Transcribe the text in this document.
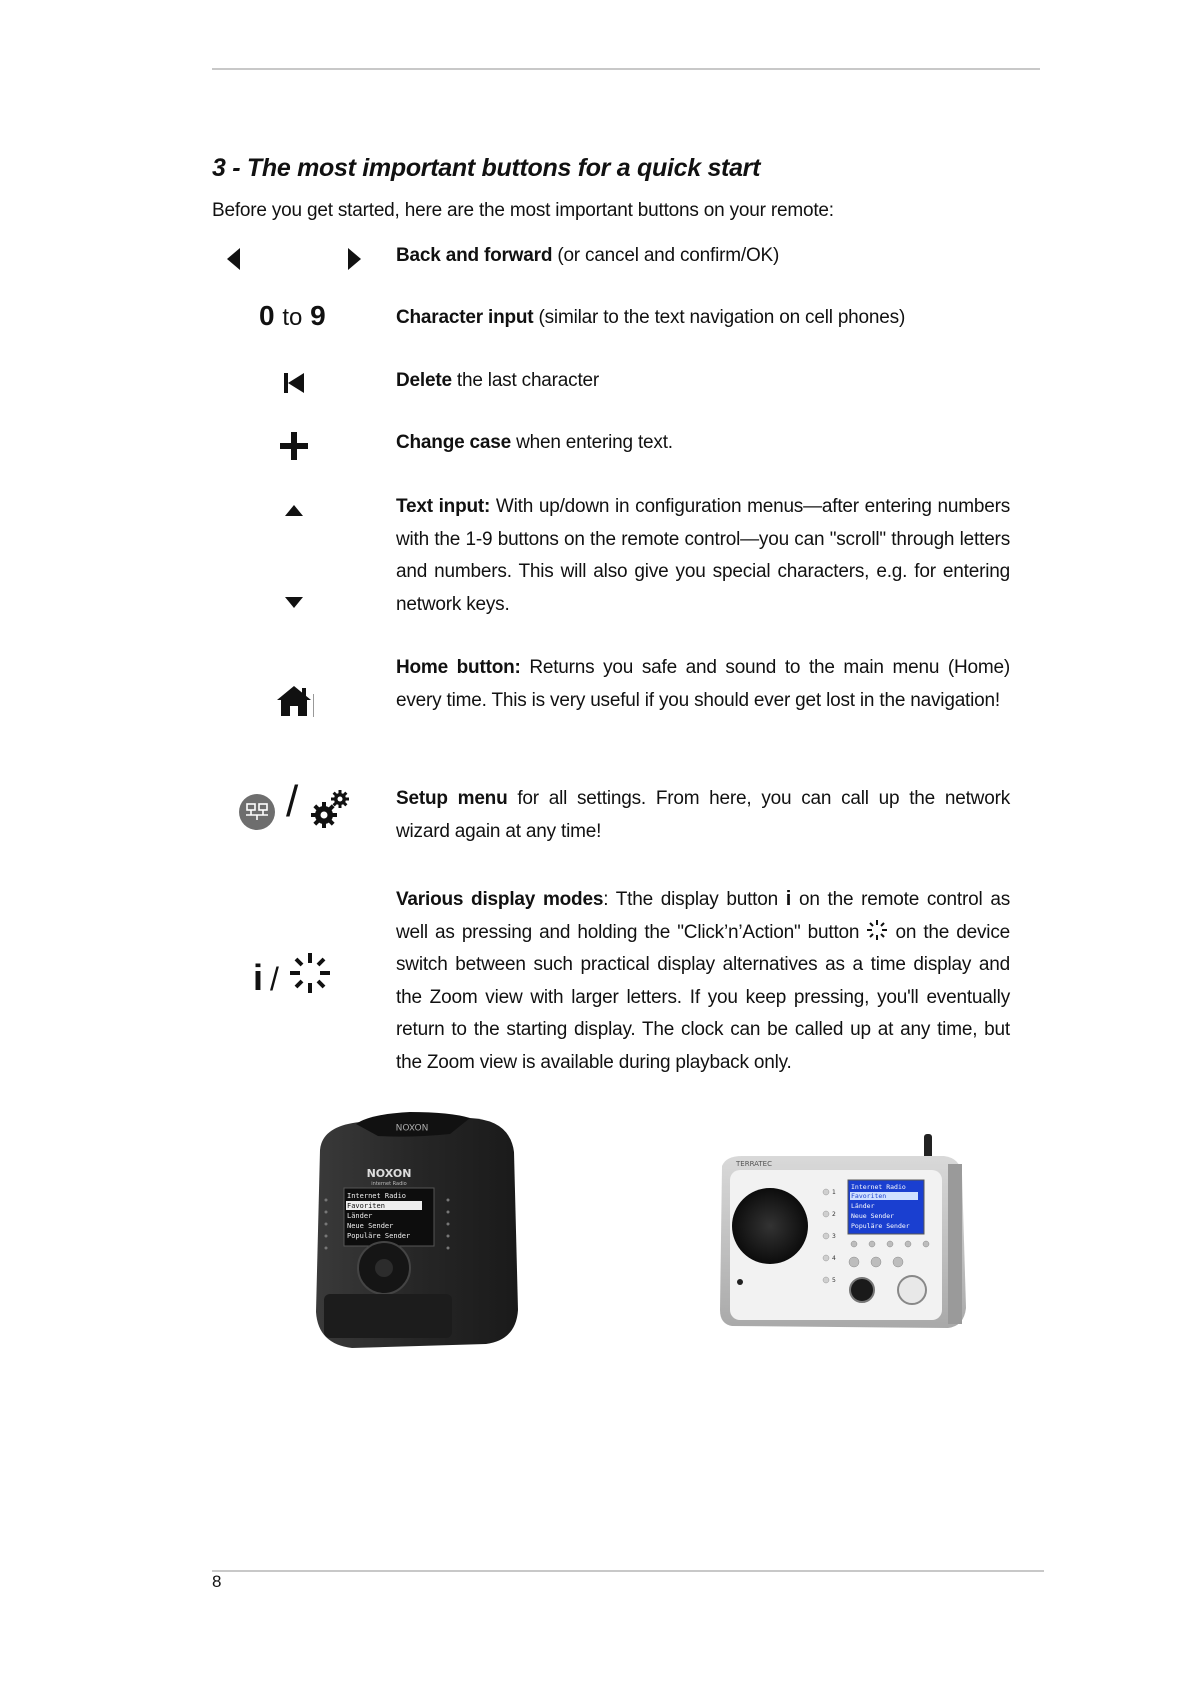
3 - The most important buttons for a quick start

Before you get started, here are the most important buttons on your remote:

Back and forward (or cancel and confirm/OK)

0 to 9	Character input (similar to the text navigation on cell phones)

Delete the last character

Change case when entering text.

Text input: With up/down in configuration menus—after entering numbers with the 1-9 buttons on the remote control—you can "scroll" through letters and numbers. This will also give you special characters, e.g. for entering network keys.

Home button: Returns you safe and sound to the main menu (Home) every time. This is very useful if you should ever get lost in the navigation!

/	Setup menu for all settings. From here, you can call up the network wizard again at any time!

i /

Various display modes: Tthe display button i on the remote control as well as pressing and holding the "Click’n’Action" button  on the device switch between such practical display alternatives as a time display and the Zoom view with larger letters. If you keep pressing, you'll eventually return to the starting display. The clock can be called up at any time, but the Zoom view is available during playback only.

NOXON
NOXON
internet Radio
Internet Radio
Favoriten
Länder
Neue Sender
Populäre Sender
TERRATEC
1
2
3
4
5
Internet Radio
Favoriten
Länder
Neue Sender
Populäre Sender
8
